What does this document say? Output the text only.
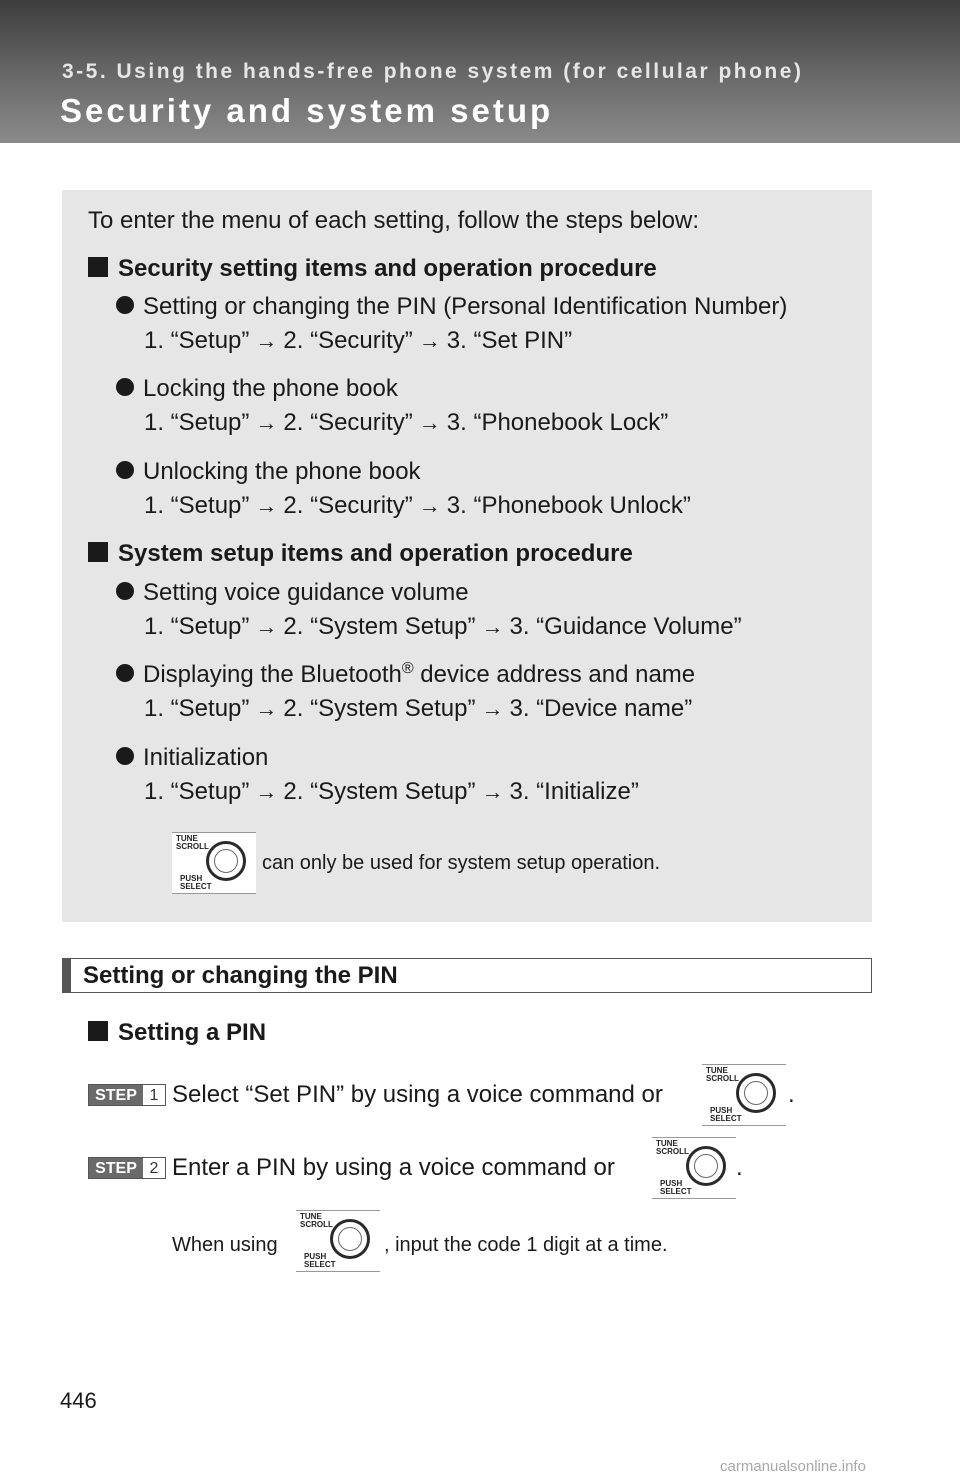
3-5. Using the hands-free phone system (for cellular phone)
Security and system setup
To enter the menu of each setting, follow the steps below:
Security setting items and operation procedure
Setting or changing the PIN (Personal Identification Number)
1. “Setup” → 2. “Security” → 3. “Set PIN”
Locking the phone book
1. “Setup” → 2. “Security” → 3. “Phonebook Lock”
Unlocking the phone book
1. “Setup” → 2. “Security” → 3. “Phonebook Unlock”
System setup items and operation procedure
Setting voice guidance volume
1. “Setup” → 2. “System Setup” → 3. “Guidance Volume”
Displaying the Bluetooth® device address and name
1. “Setup” → 2. “System Setup” → 3. “Device name”
Initialization
1. “Setup” → 2. “System Setup” → 3. “Initialize”
TUNE
SCROLL
PUSH
SELECT
can only be used for system setup operation.
Setting or changing the PIN
Setting a PIN
STEP 1 Select “Set PIN” by using a voice command or
TUNE
SCROLL
PUSH
SELECT
.
STEP 2 Enter a PIN by using a voice command or
TUNE
SCROLL
PUSH
SELECT
.
When using
TUNE
SCROLL
PUSH
SELECT
, input the code 1 digit at a time.
446
carmanualsonline.info
